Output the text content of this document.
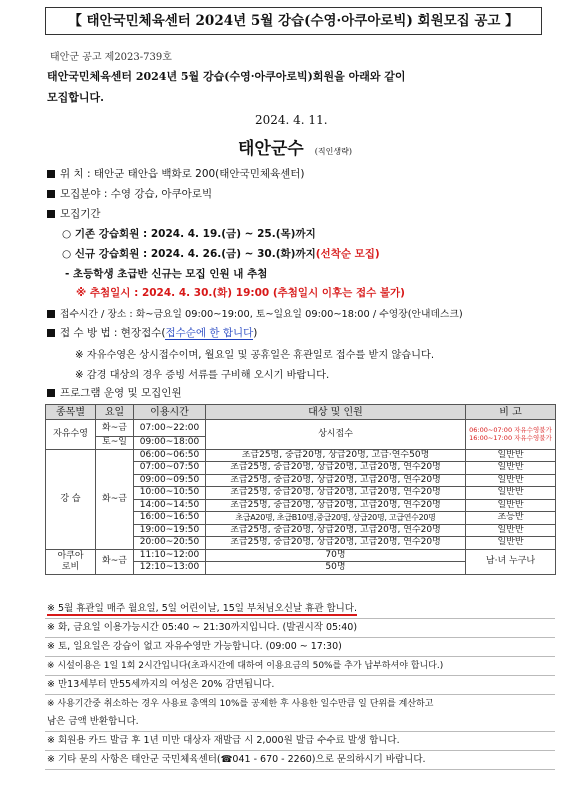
【 태안국민체육센터 2024년 5월 강습(수영·아쿠아로빅) 회원모집 공고 】
태안군 공고 제2023-739호
태안국민체육센터 2024년 5월 강습(수영·아쿠아로빅)회원을 아래와 같이
모집합니다.
2024. 4. 11.
태안군수 (직인생략)
위 치 : 태안군 태안읍 백화로 200(태안국민체육센터)
모집분야 : 수영 강습, 아쿠아로빅
모집기간
○ 기존 강습회원 : 2024. 4. 19.(금) ~ 25.(목)까지
○ 신규 강습회원 : 2024. 4. 26.(금) ~ 30.(화)까지(선착순 모집)
- 초등학생 초급반 신규는 모집 인원 내 추첨
※ 추첨일시 : 2024. 4. 30.(화) 19:00 (추첨일시 이후는 접수 불가)
접수시간 / 장소 : 화~금요일 09:00~19:00, 토~일요일 09:00~18:00 / 수영장(안내데스크)
접 수 방 법 : 현장접수(접수순에 한 합니다)
※ 자유수영은 상시접수이며, 월요일 및 공휴일은 휴관일로 접수를 받지 않습니다.
※ 감경 대상의 경우 증빙 서류를 구비해 오시기 바랍니다.
프로그램 운영 및 모집인원
종목별	요일	이용시간	대상 및 인원	비 고
자유수영	화~금	07:00~22:00	상시접수	06:00~07:00 자유수영불가
16:00~17:00 자유수영불가

	토~일	09:00~18:00		
강 습	화~금	06:00~06:50	초급25명, 중급20명, 상급20명, 고급·연수50명	일반반
		07:00~07:50	초급25명, 중급20명, 상급20명, 고급20명, 연수20명	일반반
		09:00~09:50	초급25명, 중급20명, 상급20명, 고급20명, 연수20명	일반반
		10:00~10:50	초급25명, 중급20명, 상급20명, 고급20명, 연수20명	일반반
		14:00~14:50	초급25명, 중급20명, 상급20명, 고급20명, 연수20명	일반반
		16:00~16:50	초급A20명, 초급B10명,중급20명, 상급20명, 고급연수20명	초등반
		19:00~19:50	초급25명, 중급20명, 상급20명, 고급20명, 연수20명	일반반
		20:00~20:50	초급25명, 중급20명, 상급20명, 고급20명, 연수20명	일반반
아쿠아
로비	화~금	11:10~12:00	70명	남·녀 누구나
		12:10~13:00	50명	
※ 5월 휴관일 매주 월요일, 5일 어린이날, 15일 부처님오신날 휴관 합니다.
※ 화, 금요일 이용가능시간 05:40 ~ 21:30까지입니다. (발권시작 05:40)
※ 토, 일요일은 강습이 없고 자유수영만 가능합니다. (09:00 ~ 17:30)
※ 시설이용은 1일 1회 2시간입니다(초과시간에 대하여 이용요금의 50%를 추가 납부하셔야 합니다.)
※ 만13세부터 만55세까지의 여성은 20% 감면됩니다.
※ 사용기간중 취소하는 경우 사용료 총액의 10%를 공제한 후 사용한 일수만큼 일 단위를 계산하고
남은 금액 반환합니다.
※ 회원용 카드 발급 후 1년 미만 대상자 재발급 시 2,000원 발급 수수료 발생 합니다.
※ 기타 문의 사항은 태안군 국민체육센터(☎041 - 670 - 2260)으로 문의하시기 바랍니다.
